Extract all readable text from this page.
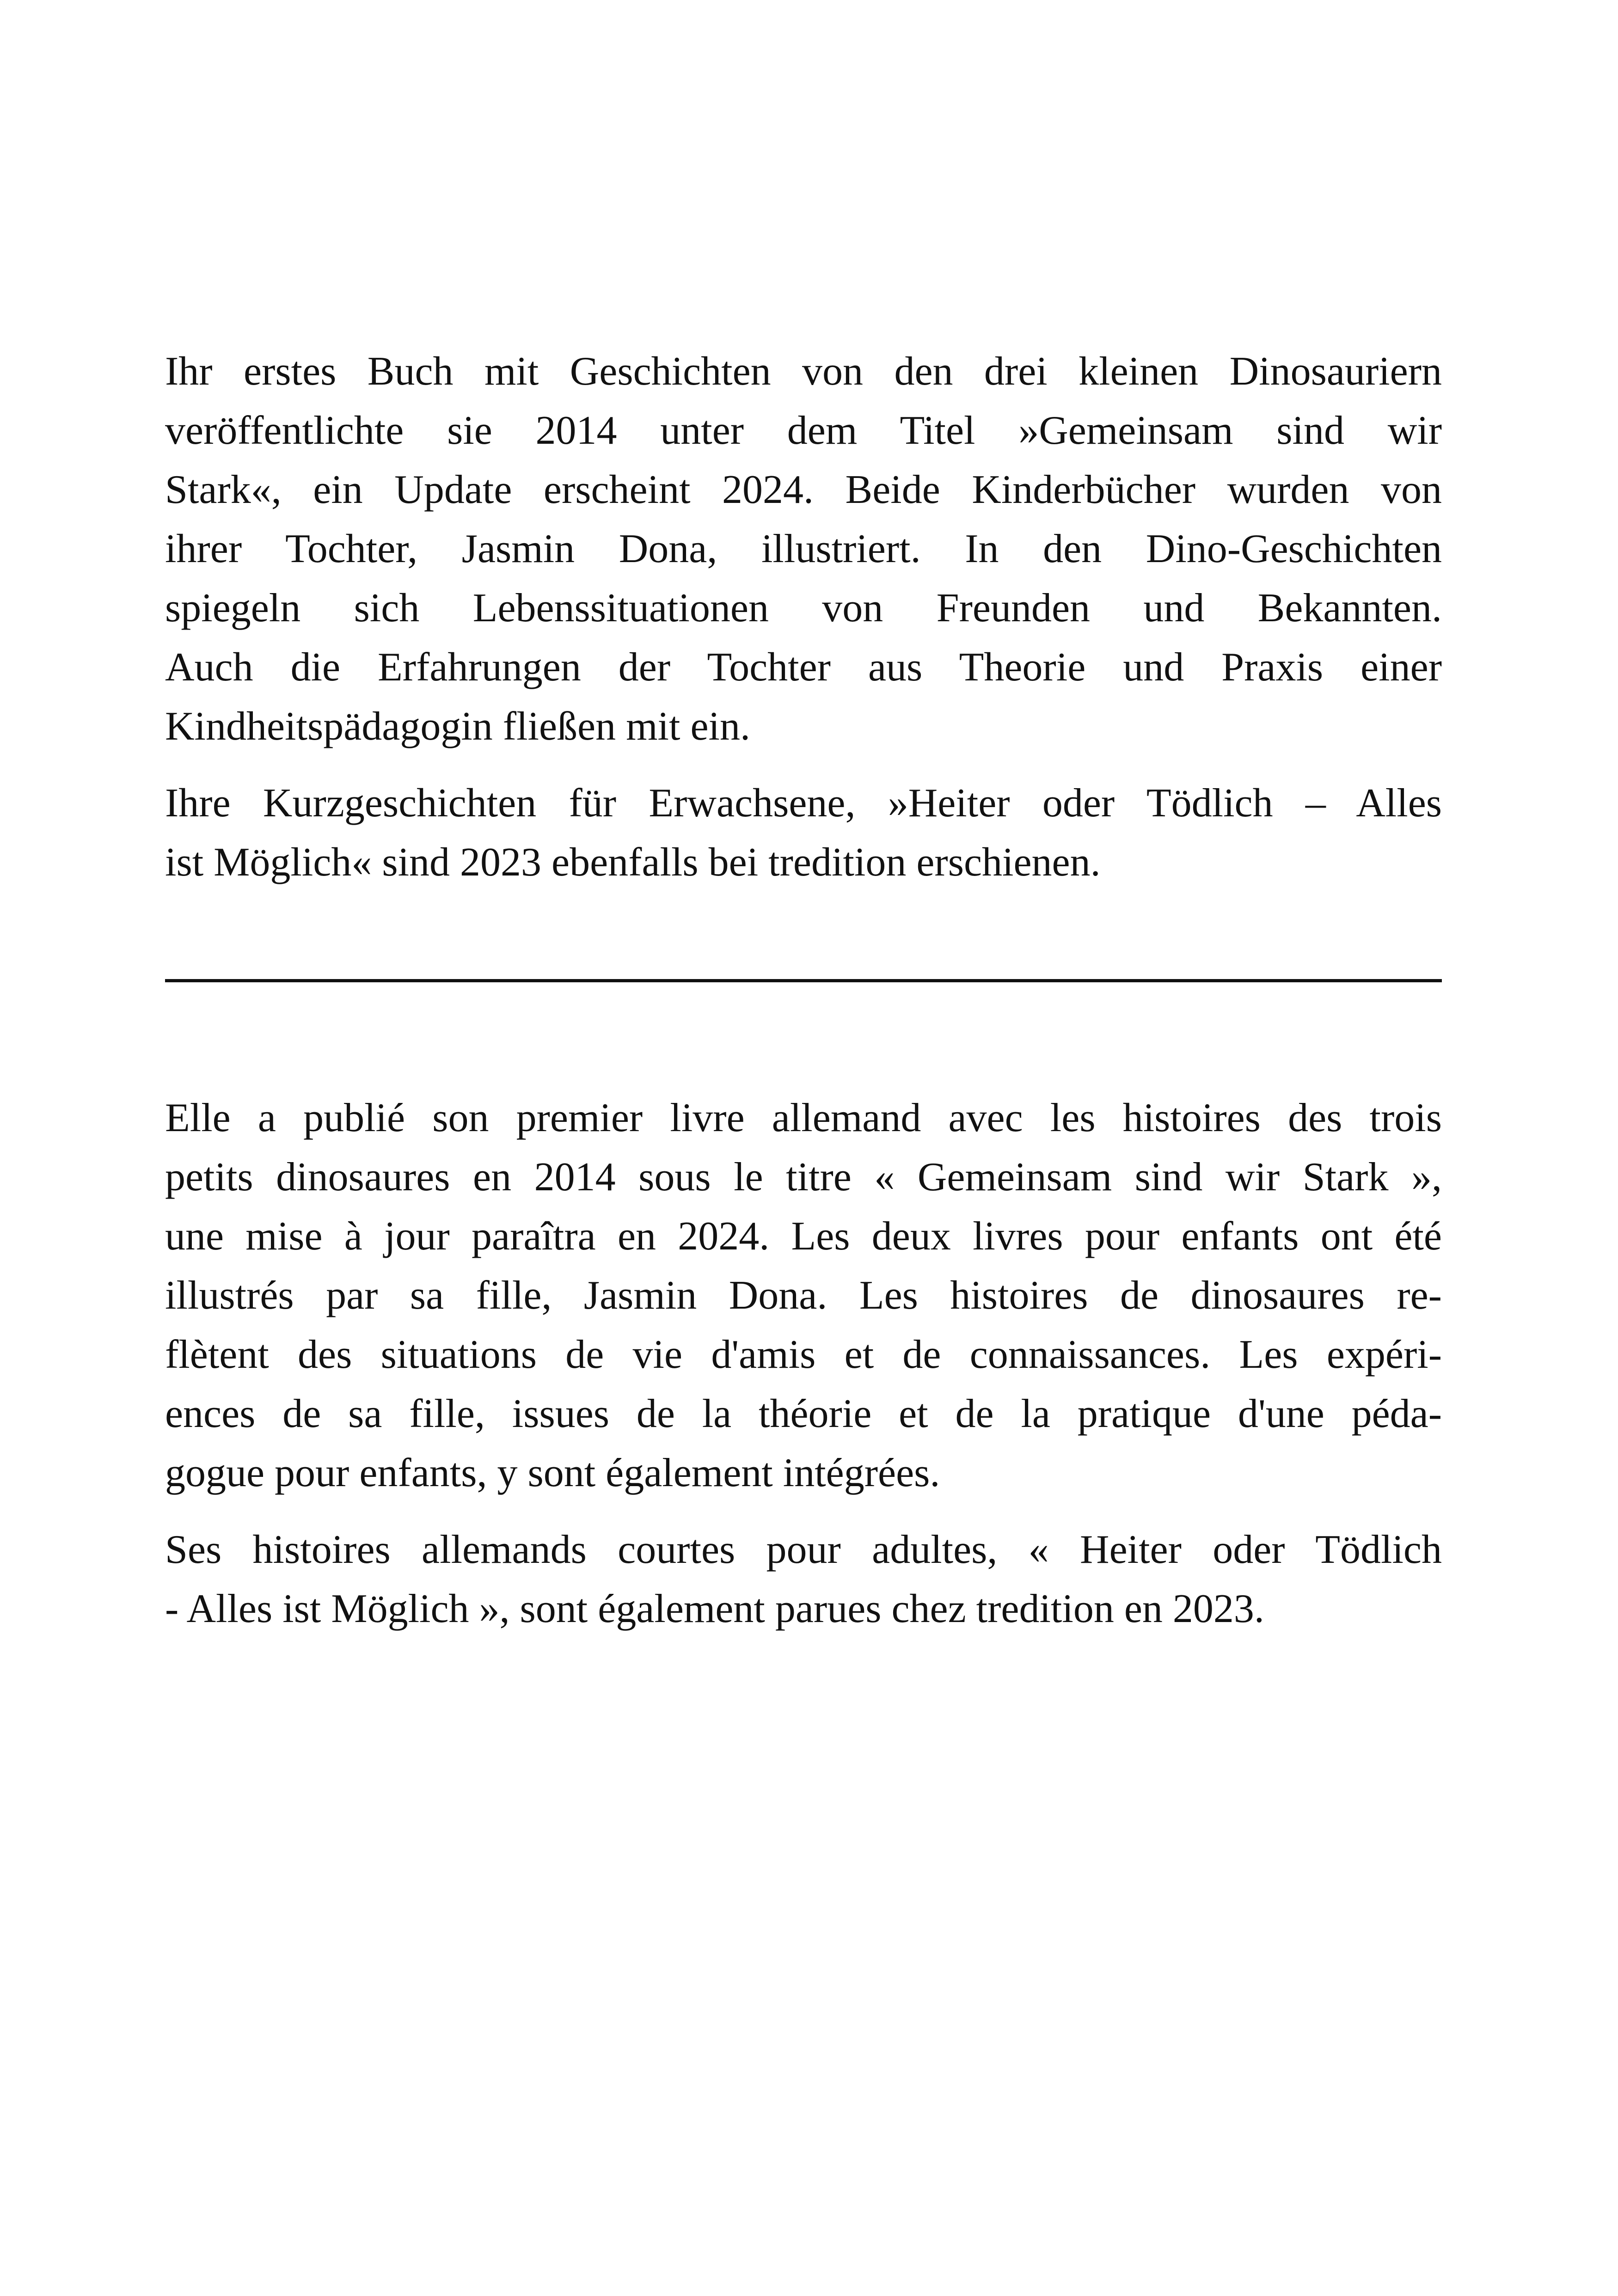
Ihr erstes Buch mit Geschichten von den drei kleinen Dinosauriern
veröffentlichte sie 2014 unter dem Titel »Gemeinsam sind wir
Stark«, ein Update erscheint 2024. Beide Kinderbücher wurden von
ihrer Tochter, Jasmin Dona, illustriert. In den Dino-Geschichten
spiegeln sich Lebenssituationen von Freunden und Bekannten.
Auch die Erfahrungen der Tochter aus Theorie und Praxis einer
Kindheitspädagogin fließen mit ein.

Ihre Kurzgeschichten für Erwachsene, »Heiter oder Tödlich – Alles
ist Möglich« sind 2023 ebenfalls bei tredition erschienen.

Elle a publié son premier livre allemand avec les histoires des trois
petits dinosaures en 2014 sous le titre « Gemeinsam sind wir Stark »,
une mise à jour paraîtra en 2024. Les deux livres pour enfants ont été
illustrés par sa fille, Jasmin Dona. Les histoires de dinosaures re-
flètent des situations de vie d'amis et de connaissances. Les expéri-
ences de sa fille, issues de la théorie et de la pratique d'une péda-
gogue pour enfants, y sont également intégrées.

Ses histoires allemands courtes pour adultes, « Heiter oder Tödlich
- Alles ist Möglich », sont également parues chez tredition en 2023.
